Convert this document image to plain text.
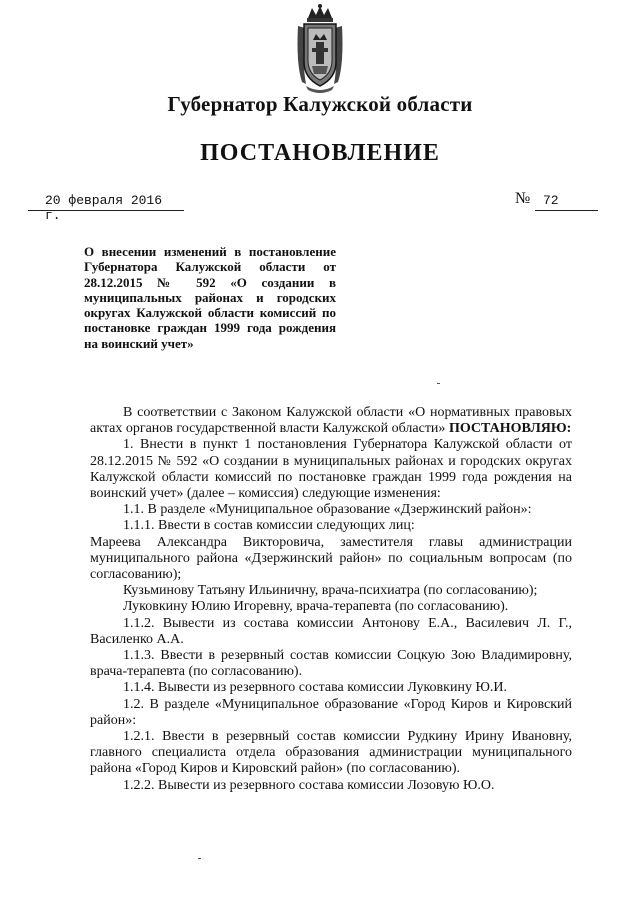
Губернатор Калужской области
ПОСТАНОВЛЕНИЕ
20 февраля 2016 г.
№ 72
О внесении изменений в постановление Губернатора Калужской области от 28.12.2015 № 592 «О создании в муниципальных районах и городских округах Калужской области комиссий по постановке граждан 1999 года рождения на воинский учет»

В соответствии с Законом Калужской области «О нормативных правовых актах органов государственной власти Калужской области» ПОСТАНОВЛЯЮ:

1. Внести в пункт 1 постановления Губернатора Калужской области от 28.12.2015 № 592 «О создании в муниципальных районах и городских округах Калужской области комиссий по постановке граждан 1999 года рождения на воинский учет» (далее – комиссия) следующие изменения:

1.1. В разделе «Муниципальное образование «Дзержинский район»:

1.1.1. Ввести в состав комиссии следующих лиц:

Мареева Александра Викторовича, заместителя главы администрации муниципального района «Дзержинский район» по социальным вопросам (по согласованию);

Кузьминову Татьяну Ильиничну, врача-психиатра (по согласованию);

Луковкину Юлию Игоревну, врача-терапевта (по согласованию).

1.1.2. Вывести из состава комиссии Антонову Е.А., Василевич Л. Г., Василенко А.А.

1.1.3. Ввести в резервный состав комиссии Соцкую Зою Владимировну, врача-терапевта (по согласованию).

1.1.4. Вывести из резервного состава комиссии Луковкину Ю.И.

1.2. В разделе «Муниципальное образование «Город Киров и Кировский район»:

1.2.1. Ввести в резервный состав комиссии Рудкину Ирину Ивановну, главного специалиста отдела образования администрации муниципального района «Город Киров и Кировский район» (по согласованию).

1.2.2. Вывести из резервного состава комиссии Лозовую Ю.О.
